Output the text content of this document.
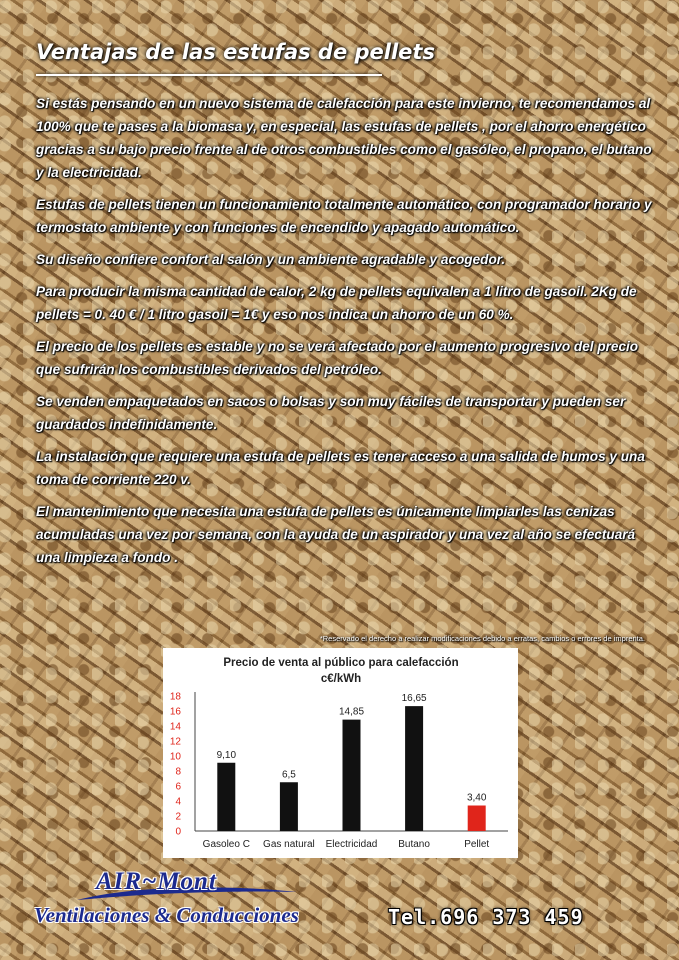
Ventajas de las estufas de pellets

Si estás pensando en un nuevo sistema de calefacción para este invierno, te recomendamos al 100% que te pases a la biomasa y, en especial, las estufas de pellets , por el ahorro energético gracias a su bajo precio frente al de otros combustibles como el gasóleo, el propano, el butano y la electricidad.

Estufas de pellets tienen un funcionamiento totalmente automático, con programador horario y termostato ambiente y con funciones de encendido y apagado automático.

Su diseño confiere confort al salón y un ambiente agradable y acogedor.

Para producir la misma cantidad de calor, 2 kg de pellets equivalen a 1 litro de gasoil. 2Kg de pellets = 0. 40 € / 1 litro gasoil = 1€ y eso nos indica un ahorro de un 60 %.

El precio de los pellets es estable y no se verá afectado por el aumento progresivo del precio que sufrirán los combustibles derivados del petróleo.

Se venden empaquetados en sacos o bolsas y son muy fáciles de transportar y pueden ser guardados indefinidamente.

La instalación que requiere una estufa de pellets es tener acceso a una salida de humos y una toma de corriente 220 v.

El mantenimiento que necesita una estufa de pellets es únicamente limpiarles las cenizas acumuladas una vez por semana, con la ayuda de un aspirador y una vez al año se efectuará una limpieza a fondo .

*Reservado el derecho a realizar modificaciones debido a erratas, cambios o errores de imprenta.
Precio de venta al público para calefacción
c€/kWh
0
2
4
6
8
10
12
14
16
18
9,10
Gasoleo C
6,5
Gas natural
14,85
Electricidad
16,65
Butano
3,40
Pellet
AIR~Mont
Ventilaciones & Conducciones	Tel.696 373 459
